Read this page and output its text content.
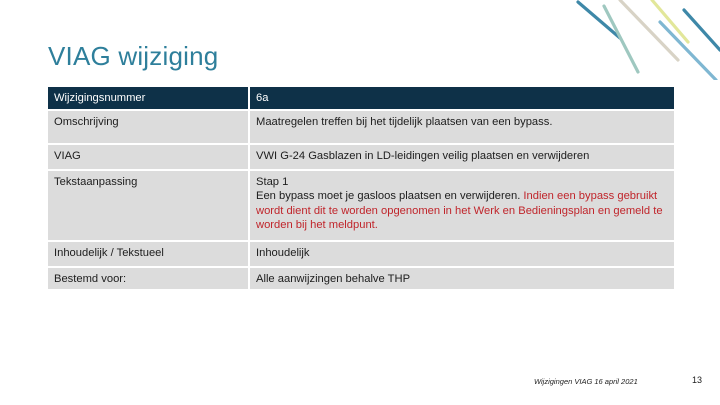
VIAG wijziging
Wijzigingsnummer	6a
Omschrijving	Maatregelen treffen bij het tijdelijk plaatsen van een bypass.
VIAG	VWI G-24 Gasblazen in LD-leidingen veilig plaatsen en verwijderen
Tekstaanpassing	Stap 1
Een bypass moet je gasloos plaatsen en verwijderen. Indien een bypass gebruikt wordt dient dit te worden opgenomen in het Werk en Bedieningsplan en gemeld te worden bij het meldpunt.

Inhoudelijk / Tekstueel	Inhoudelijk
Bestemd voor:	Alle aanwijzingen behalve THP
Wijzigingen VIAG 16 april 2021	13
